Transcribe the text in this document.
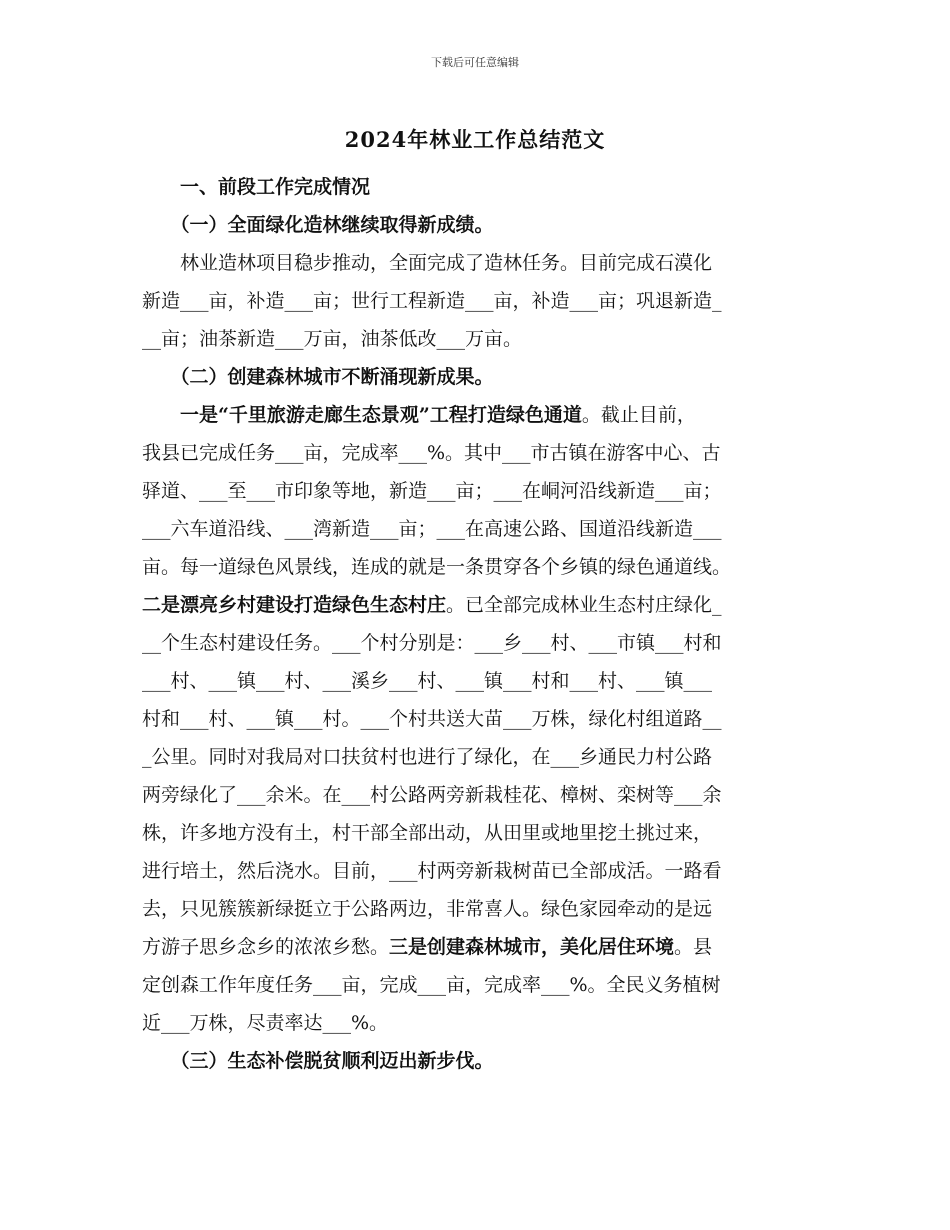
下载后可任意编辑
2024年林业工作总结范文
　　一、前段工作完成情况
　　（一）全面绿化造林继续取得新成绩。
　　林业造林项目稳步推动，全面完成了造林任务。目前完成石漠化
新造___亩，补造___亩；世行工程新造___亩，补造___亩；巩退新造_
__亩；油茶新造___万亩，油茶低改___万亩。
　　（二）创建森林城市不断涌现新成果。
　　一是“千里旅游走廊生态景观”工程打造绿色通道。截止目前，
我县已完成任务___亩，完成率___%。其中___市古镇在游客中心、古
驿道、___至___市印象等地，新造___亩；___在峒河沿线新造___亩；
___六车道沿线、___湾新造___亩；___在高速公路、国道沿线新造___
亩。每一道绿色风景线，连成的就是一条贯穿各个乡镇的绿色通道线。
二是漂亮乡村建设打造绿色生态村庄。已全部完成林业生态村庄绿化_
__个生态村建设任务。___个村分别是：___乡___村、___市镇___村和
___村、___镇___村、___溪乡___村、___镇___村和___村、___镇___
村和___村、___镇___村。___个村共送大苗___万株，绿化村组道路__
_公里。同时对我局对口扶贫村也进行了绿化，在___乡通民力村公路
两旁绿化了___余米。在___村公路两旁新栽桂花、樟树、栾树等___余
株，许多地方没有土，村干部全部出动，从田里或地里挖土挑过来，
进行培土，然后浇水。目前，___村两旁新栽树苗已全部成活。一路看
去，只见簇簇新绿挺立于公路两边，非常喜人。绿色家园牵动的是远
方游子思乡念乡的浓浓乡愁。三是创建森林城市，美化居住环境。县
定创森工作年度任务___亩，完成___亩，完成率___%。全民义务植树
近___万株，尽责率达___%。
　　（三）生态补偿脱贫顺利迈出新步伐。
